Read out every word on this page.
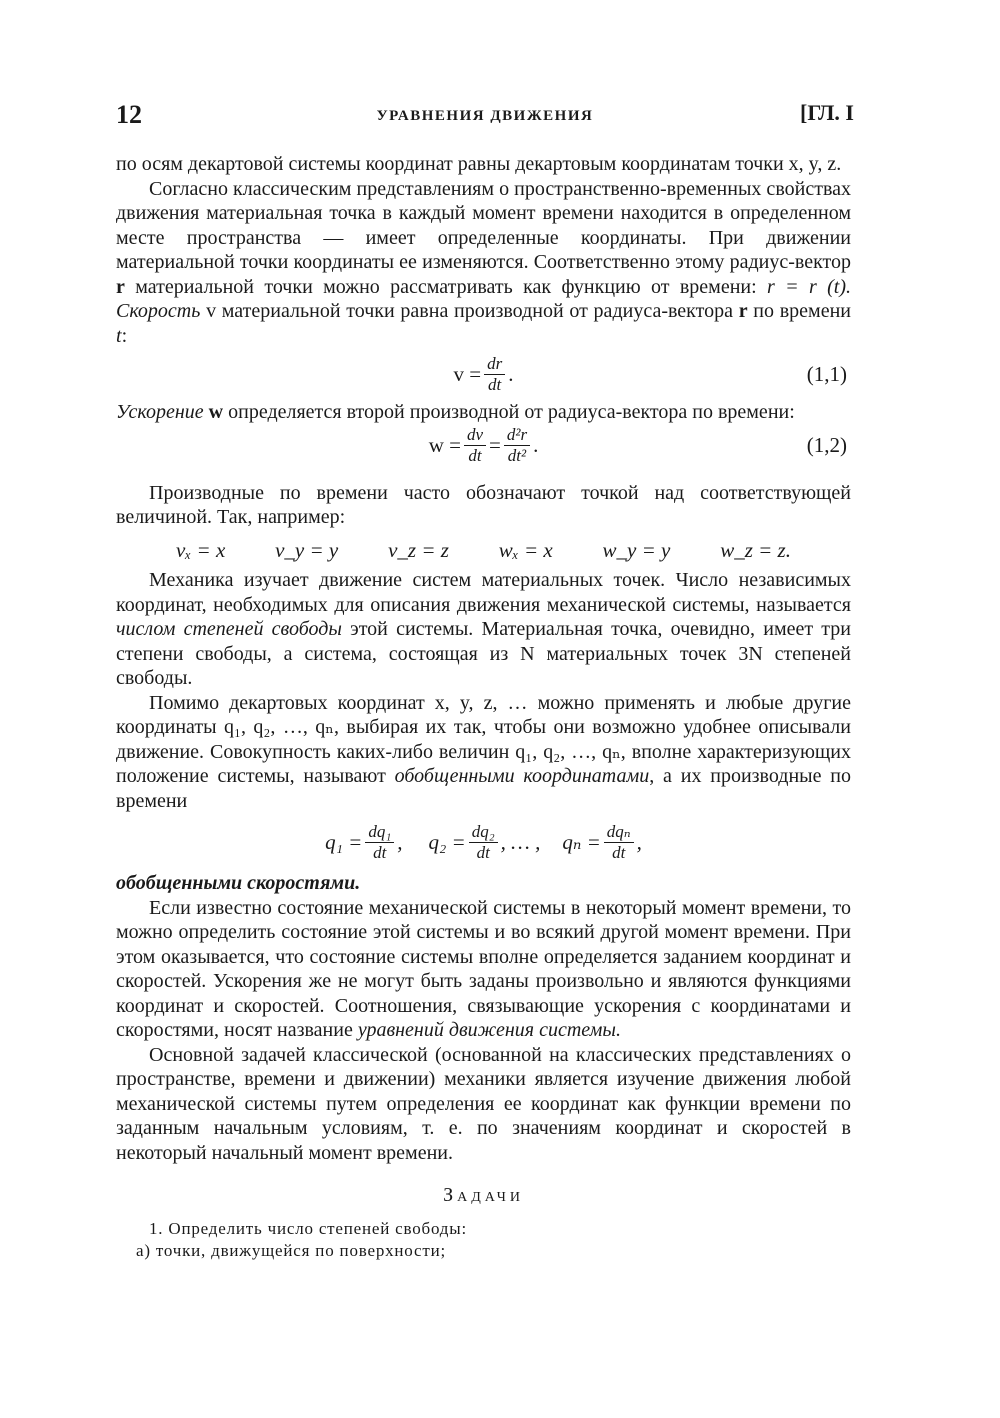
12	УРАВНЕНИЯ ДВИЖЕНИЯ	[ГЛ. I

по осям декартовой системы координат равны декартовым координатам точки x, y, z.

Согласно классическим представлениям о пространственно-временных свойствах движения материальная точка в каждый момент времени находится в определенном месте пространства — имеет определенные координаты. При движении материальной точки координаты ее изменяются. Соответственно этому радиус-вектор r материальной точки можно рассматривать как функцию от времени: r = r (t). Скорость v материальной точки равна производной от радиуса-вектора r по времени t:

$v = \frac{dr}{dt}$ .	(1,1)

Ускорение w определяется второй производной от радиуса-вектора по времени:

$w = \frac{dv}{dt} = \frac{\text{d²r}}{\text{dt²}}$ .	(1,2)

Производные по времени часто обозначают точкой над соответствующей величиной. Так, например:

vₓ = x v_y = y v_z = z wₓ = x w_y = y w_z = z.

Механика изучает движение систем материальных точек. Число независимых координат, необходимых для описания движения механической системы, называется числом степеней свободы этой системы. Материальная точка, очевидно, имеет три степени свободы, а система, состоящая из N материальных точек 3N степеней свободы.

Помимо декартовых координат x, y, z, … можно применять и любые другие координаты q₁, q₂, …, qₙ, выбирая их так, чтобы они возможно удобнее описывали движение. Совокупность каких-либо величин q₁, q₂, …, qₙ, вполне характеризующих положение системы, называют обобщенными координатами, а их производные по времени

$q_1 = \frac{\text{dq₁}}{dt}$ , $q_2 = \frac{\text{dq₂}}{dt}$ , … , $q_n = \frac{\text{dqₙ}}{dt}$ ,

обобщенными скоростями.

Если известно состояние механической системы в некоторый момент времени, то можно определить состояние этой системы и во всякий другой момент времени. При этом оказывается, что состояние системы вполне определяется заданием координат и скоростей. Ускорения же не могут быть заданы произвольно и являются функциями координат и скоростей. Соотношения, связывающие ускорения с координатами и скоростями, носят название уравнений движения системы.

Основной задачей классической (основанной на классических представлениях о пространстве, времени и движении) механики является изучение движения любой механической системы путем определения ее координат как функции времени по заданным начальным условиям, т. е. по значениям координат и скоростей в некоторый начальный момент времени.

Задачи

1. Определить число степеней свободы:

а) точки, движущейся по поверхности;
